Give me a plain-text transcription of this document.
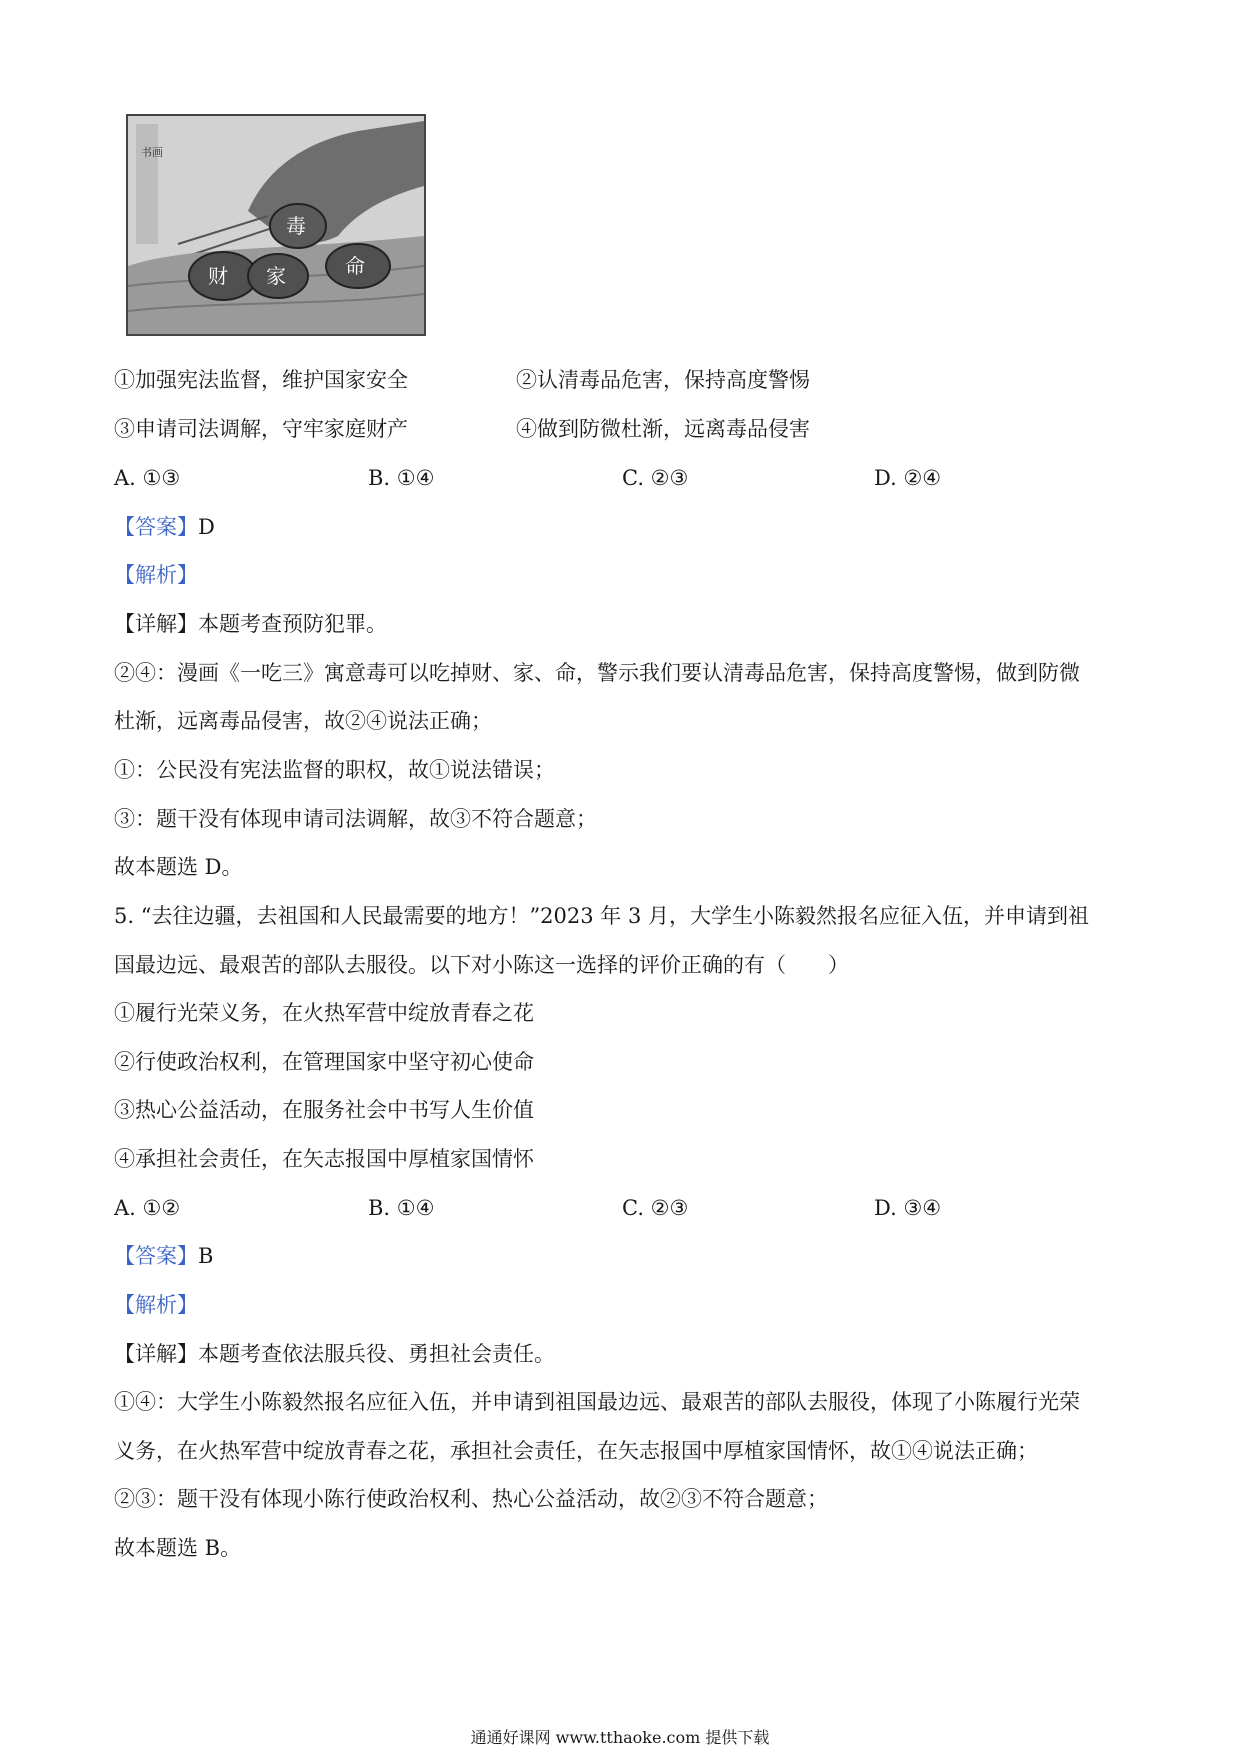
书画
毒
财 家	命
①加强宪法监督，维护国家安全	②认清毒品危害，保持高度警惕
③申请司法调解，守牢家庭财产	④做到防微杜渐，远离毒品侵害
A. ①③	B. ①④	C. ②③	D. ②④
【答案】D
【解析】
【详解】本题考查预防犯罪。
②④：漫画《一吃三》寓意毒可以吃掉财、家、命，警示我们要认清毒品危害，保持高度警惕，做到防微
杜渐，远离毒品侵害，故②④说法正确；
①：公民没有宪法监督的职权，故①说法错误；
③：题干没有体现申请司法调解，故③不符合题意；
故本题选 D。
5. “去往边疆，去祖国和人民最需要的地方！”2023 年 3 月，大学生小陈毅然报名应征入伍，并申请到祖
国最边远、最艰苦的部队去服役。以下对小陈这一选择的评价正确的有（　　）
①履行光荣义务，在火热军营中绽放青春之花
②行使政治权利，在管理国家中坚守初心使命
③热心公益活动，在服务社会中书写人生价值
④承担社会责任，在矢志报国中厚植家国情怀
A. ①②	B. ①④	C. ②③	D. ③④
【答案】B
【解析】
【详解】本题考查依法服兵役、勇担社会责任。
①④：大学生小陈毅然报名应征入伍，并申请到祖国最边远、最艰苦的部队去服役，体现了小陈履行光荣
义务，在火热军营中绽放青春之花，承担社会责任，在矢志报国中厚植家国情怀，故①④说法正确；
②③：题干没有体现小陈行使政治权利、热心公益活动，故②③不符合题意；
故本题选 B。
通通好课网 www.tthaoke.com 提供下载
